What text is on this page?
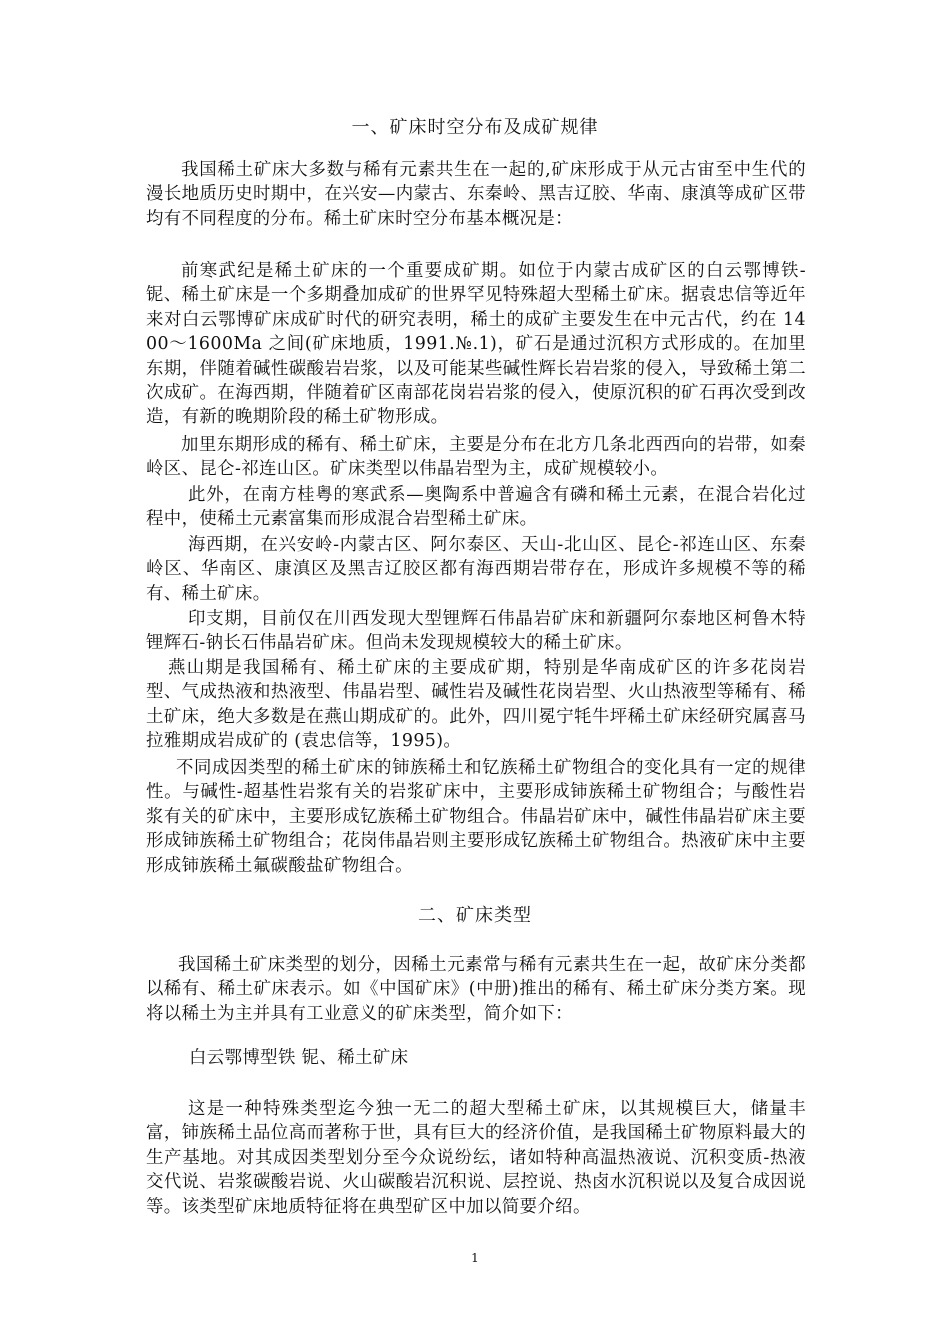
一、矿床时空分布及成矿规律

我国稀土矿床大多数与稀有元素共生在一起的,矿床形成于从元古宙至中生代的漫长地质历史时期中，在兴安—内蒙古、东秦岭、黑吉辽胶、华南、康滇等成矿区带均有不同程度的分布。稀土矿床时空分布基本概况是：

前寒武纪是稀土矿床的一个重要成矿期。如位于内蒙古成矿区的白云鄂博铁-铌、稀土矿床是一个多期叠加成矿的世界罕见特殊超大型稀土矿床。据袁忠信等近年来对白云鄂博矿床成矿时代的研究表明，稀土的成矿主要发生在中元古代，约在 1400～1600Ma 之间(矿床地质，1991.№.1)，矿石是通过沉积方式形成的。在加里东期，伴随着碱性碳酸岩岩浆，以及可能某些碱性辉长岩岩浆的侵入，导致稀土第二次成矿。在海西期，伴随着矿区南部花岗岩岩浆的侵入，使原沉积的矿石再次受到改造，有新的晚期阶段的稀土矿物形成。

加里东期形成的稀有、稀土矿床，主要是分布在北方几条北西西向的岩带，如秦岭区、昆仑-祁连山区。矿床类型以伟晶岩型为主，成矿规模较小。

此外，在南方桂粤的寒武系—奥陶系中普遍含有磷和稀土元素，在混合岩化过程中，使稀土元素富集而形成混合岩型稀土矿床。

海西期，在兴安岭-内蒙古区、阿尔泰区、天山-北山区、昆仑-祁连山区、东秦岭区、华南区、康滇区及黑吉辽胶区都有海西期岩带存在，形成许多规模不等的稀有、稀土矿床。

印支期，目前仅在川西发现大型锂辉石伟晶岩矿床和新疆阿尔泰地区柯鲁木特锂辉石-钠长石伟晶岩矿床。但尚未发现规模较大的稀土矿床。

燕山期是我国稀有、稀土矿床的主要成矿期，特别是华南成矿区的许多花岗岩型、气成热液和热液型、伟晶岩型、碱性岩及碱性花岗岩型、火山热液型等稀有、稀土矿床，绝大多数是在燕山期成矿的。此外，四川冕宁牦牛坪稀土矿床经研究属喜马拉雅期成岩成矿的 (袁忠信等，1995)。

不同成因类型的稀土矿床的铈族稀土和钇族稀土矿物组合的变化具有一定的规律性。与碱性-超基性岩浆有关的岩浆矿床中，主要形成铈族稀土矿物组合；与酸性岩浆有关的矿床中，主要形成钇族稀土矿物组合。伟晶岩矿床中，碱性伟晶岩矿床主要形成铈族稀土矿物组合；花岗伟晶岩则主要形成钇族稀土矿物组合。热液矿床中主要形成铈族稀土氟碳酸盐矿物组合。

二、矿床类型

我国稀土矿床类型的划分，因稀土元素常与稀有元素共生在一起，故矿床分类都以稀有、稀土矿床表示。如《中国矿床》(中册)推出的稀有、稀土矿床分类方案。现将以稀土为主并具有工业意义的矿床类型，简介如下：

白云鄂博型铁 铌、稀土矿床

这是一种特殊类型迄今独一无二的超大型稀土矿床，以其规模巨大，储量丰富，铈族稀土品位高而著称于世，具有巨大的经济价值，是我国稀土矿物原料最大的生产基地。对其成因类型划分至今众说纷纭，诸如特种高温热液说、沉积变质-热液交代说、岩浆碳酸岩说、火山碳酸岩沉积说、层控说、热卤水沉积说以及复合成因说等。该类型矿床地质特征将在典型矿区中加以简要介绍。

1
